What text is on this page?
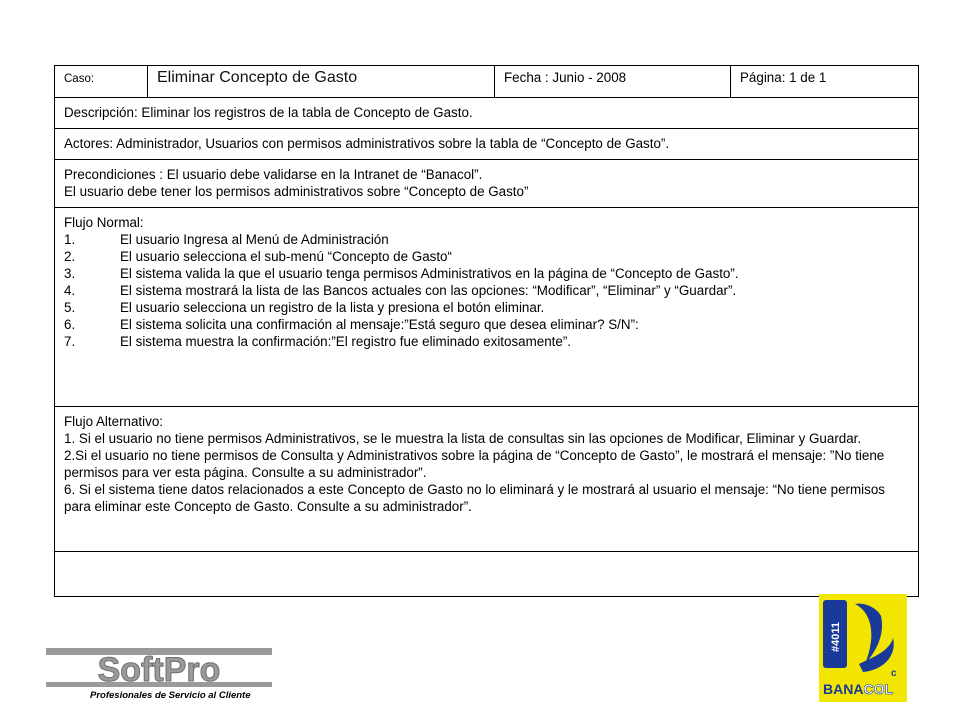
Caso:	Eliminar Concepto de Gasto	Fecha : Junio - 2008	Página: 1 de 1
Descripción: Eliminar los registros de la tabla de Concepto de Gasto.
Actores: Administrador, Usuarios con permisos administrativos sobre la tabla de “Concepto de Gasto”.
Precondiciones : El usuario debe validarse en la Intranet de “Banacol”.
El usuario debe tener los permisos administrativos sobre “Concepto de Gasto”
Flujo Normal:
1.	El usuario Ingresa al Menú de Administración
2.	El usuario selecciona el sub-menú “Concepto de Gasto“
3.	El sistema valida la que el usuario tenga permisos Administrativos en la página de “Concepto de Gasto”.
4.	El sistema mostrará la lista de las Bancos actuales con las opciones: “Modificar”, “Eliminar” y “Guardar”.
5.	El usuario selecciona un registro de la lista y presiona el botón eliminar.
6.	El sistema solicita una confirmación al mensaje:”Está seguro que desea eliminar? S/N”:
7.	El sistema muestra la confirmación:”El registro fue eliminado exitosamente”.

Flujo Alternativo:
1. Si el usuario no tiene permisos Administrativos, se le muestra la lista de consultas sin las opciones de Modificar, Eliminar y Guardar.
2.Si el usuario no tiene permisos de Consulta y Administrativos sobre la página de “Concepto de Gasto”, le mostrará el mensaje: ”No tiene permisos para ver esta página. Consulte a su administrador”.
6. Si el sistema tiene datos relacionados a este Concepto de Gasto no lo eliminará y le mostrará al usuario el mensaje: “No tiene permisos para eliminar este Concepto de Gasto. Consulte a su administrador”.

SoftPro
Profesionales de Servicio al Cliente
#4011
c
BANACOL
